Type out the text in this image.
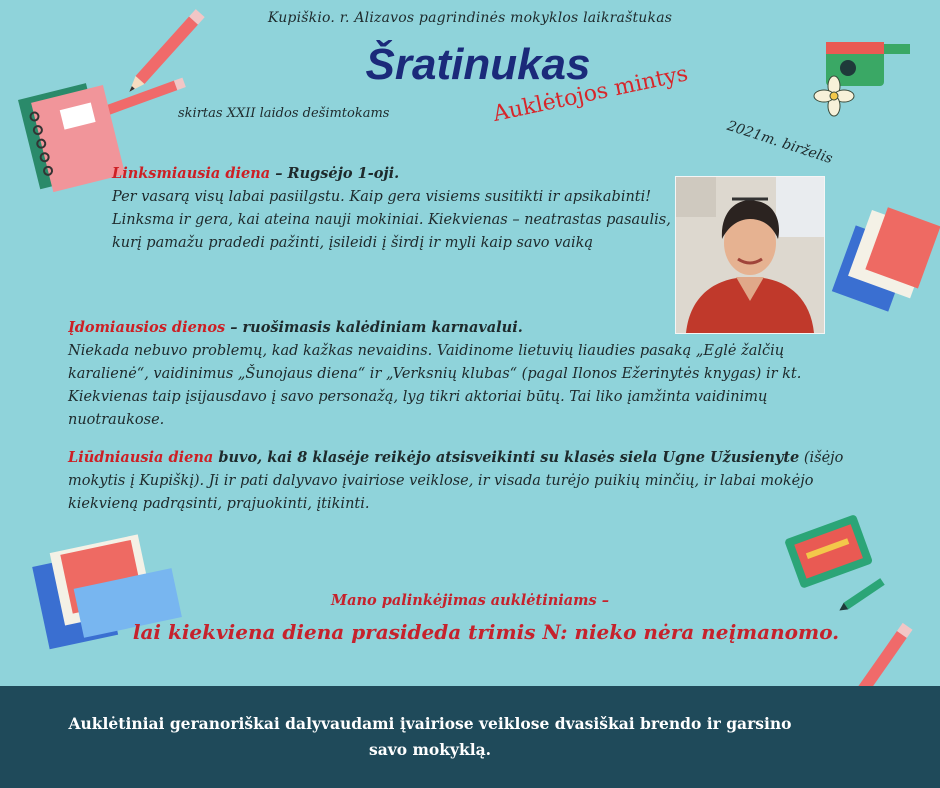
Kupiškio. r. Alizavos pagrindinės mokyklos laikraštukas
Šratinukas
skirtas XXII laidos dešimtokams	Auklėtojos mintys
2021m. birželis
Linksmiausia diena – Rugsėjo 1-oji.
Per vasarą visų labai pasiilgstu. Kaip gera visiems susitikti ir apsikabinti! Linksma ir gera, kai ateina nauji mokiniai. Kiekvienas – neatrastas pasaulis, kurį pamažu pradedi pažinti, įsileidi į širdį ir myli kaip savo vaiką
Įdomiausios dienos – ruošimasis kalėdiniam karnavalui.
Niekada nebuvo problemų, kad kažkas nevaidins. Vaidinome lietuvių liaudies pasaką „Eglė žalčių karalienė“, vaidinimus „Šunojaus diena“ ir „Verksnių klubas“ (pagal Ilonos Ežerinytės knygas) ir kt. Kiekvienas taip įsijausdavo į savo personažą, lyg tikri aktoriai būtų. Tai liko įamžinta vaidinimų nuotraukose.
Liūdniausia diena buvo, kai 8 klasėje reikėjo atsisveikinti su klasės siela Ugne Užusienyte (išėjo mokytis į Kupiškį). Ji ir pati dalyvavo įvairiose veiklose, ir visada turėjo puikių minčių, ir labai mokėjo kiekvieną padrąsinti, prajuokinti, įtikinti.
Mano palinkėjimas auklėtiniams –
lai kiekviena diena prasideda trimis N: nieko nėra neįmanomo.
Auklėtiniai geranoriškai dalyvaudami įvairiose veiklose dvasiškai brendo ir garsino savo mokyklą.
